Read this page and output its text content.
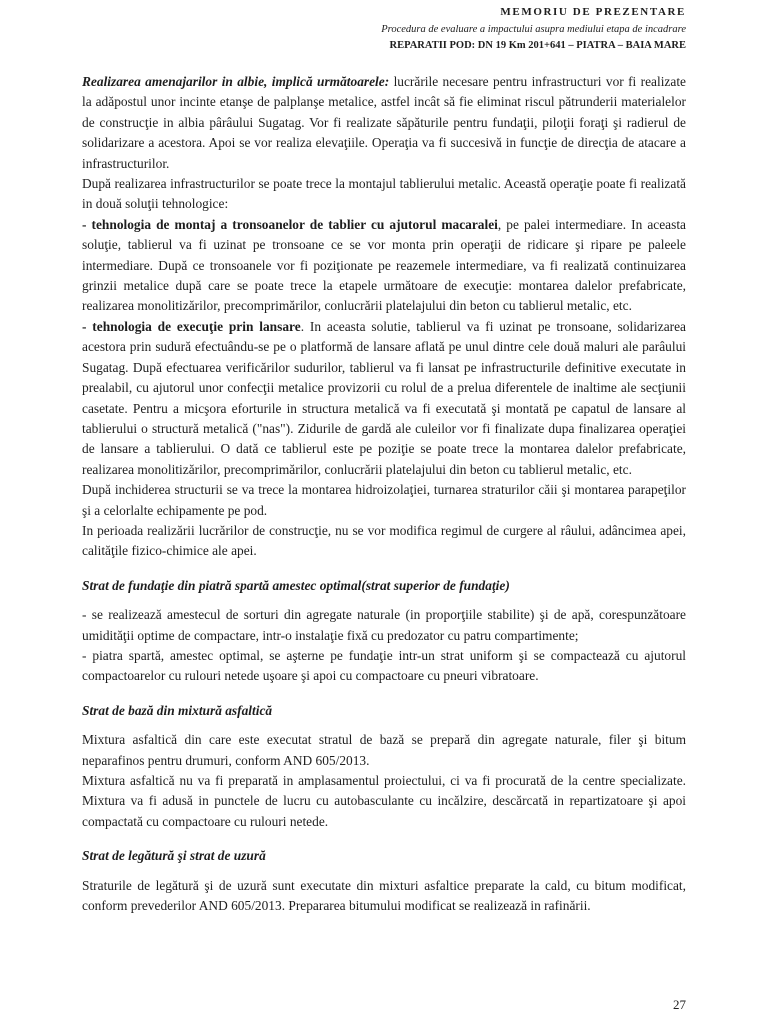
MEMORIU DE PREZENTARE
Procedura de evaluare a impactului asupra mediului etapa de incadrare
REPARATII POD: DN 19 Km 201+641 – PIATRA – BAIA MARE

Realizarea amenajarilor in albie, implică următoarele: lucrările necesare pentru infrastructuri vor fi realizate la adăpostul unor incinte etanşe de palplanşe metalice, astfel incât să fie eliminat riscul pătrunderii materialelor de construcţie in albia pârâului Sugatag. Vor fi realizate săpăturile pentru fundaţii, piloţii foraţi şi radierul de solidarizare a acestora. Apoi se vor realiza elevaţiile. Operaţia va fi succesivă in funcţie de direcţia de atacare a infrastructurilor.

După realizarea infrastructurilor se poate trece la montajul tablierului metalic. Această operaţie poate fi realizată in două soluţii tehnologice:

- tehnologia de montaj a tronsoanelor de tablier cu ajutorul macaralei, pe palei intermediare. In aceasta soluţie, tablierul va fi uzinat pe tronsoane ce se vor monta prin operaţii de ridicare şi ripare pe paleele intermediare. După ce tronsoanele vor fi poziţionate pe reazemele intermediare, va fi realizată continuizarea grinzii metalice după care se poate trece la etapele următoare de execuţie: montarea dalelor prefabricate, realizarea monolitizărilor, precomprimărilor, conlucrării platelajului din beton cu tablierul metalic, etc.

- tehnologia de execuţie prin lansare. In aceasta solutie, tablierul va fi uzinat pe tronsoane, solidarizarea acestora prin sudură efectuându-se pe o platformă de lansare aflată pe unul dintre cele două maluri ale parâului Sugatag. După efectuarea verificărilor sudurilor, tablierul va fi lansat pe infrastructurile definitive executate in prealabil, cu ajutorul unor confecţii metalice provizorii cu rolul de a prelua diferentele de inaltime ale secţiunii casetate. Pentru a micşora eforturile in structura metalică va fi executată şi montată pe capatul de lansare al tablierului o structură metalică ("nas"). Zidurile de gardă ale culeilor vor fi finalizate dupa finalizarea operaţiei de lansare a tablierului. O dată ce tablierul este pe poziţie se poate trece la montarea dalelor prefabricate, realizarea monolitizărilor, precomprimărilor, conlucrării platelajului din beton cu tablierul metalic, etc.

După inchiderea structurii se va trece la montarea hidroizolaţiei, turnarea straturilor căii şi montarea parapeţilor şi a celorlalte echipamente pe pod.

In perioada realizării lucrărilor de construcţie, nu se vor modifica regimul de curgere al râului, adâncimea apei, calităţile fizico-chimice ale apei.

Strat de fundaţie din piatră spartă amestec optimal(strat superior de fundaţie)

- se realizează amestecul de sorturi din agregate naturale (in proporţiile stabilite) şi de apă, corespunzătoare umidităţii optime de compactare, intr-o instalaţie fixă cu predozator cu patru compartimente;

- piatra spartă, amestec optimal, se aşterne pe fundaţie intr-un strat uniform şi se compactează cu ajutorul compactoarelor cu rulouri netede uşoare şi apoi cu compactoare cu pneuri vibratoare.

Strat de bază din mixtură asfaltică

Mixtura asfaltică din care este executat stratul de bază se prepară din agregate naturale, filer şi bitum neparafinos pentru drumuri, conform AND 605/2013.

Mixtura asfaltică nu va fi preparată in amplasamentul proiectului, ci va fi procurată de la centre specializate. Mixtura va fi adusă in punctele de lucru cu autobasculante cu incălzire, descărcată in repartizatoare şi apoi compactată cu compactoare cu rulouri netede.

Strat de legătură şi strat de uzură

Straturile de legătură şi de uzură sunt executate din mixturi asfaltice preparate la cald, cu bitum modificat, conform prevederilor AND 605/2013. Prepararea bitumului modificat se realizează in rafinării.

27
